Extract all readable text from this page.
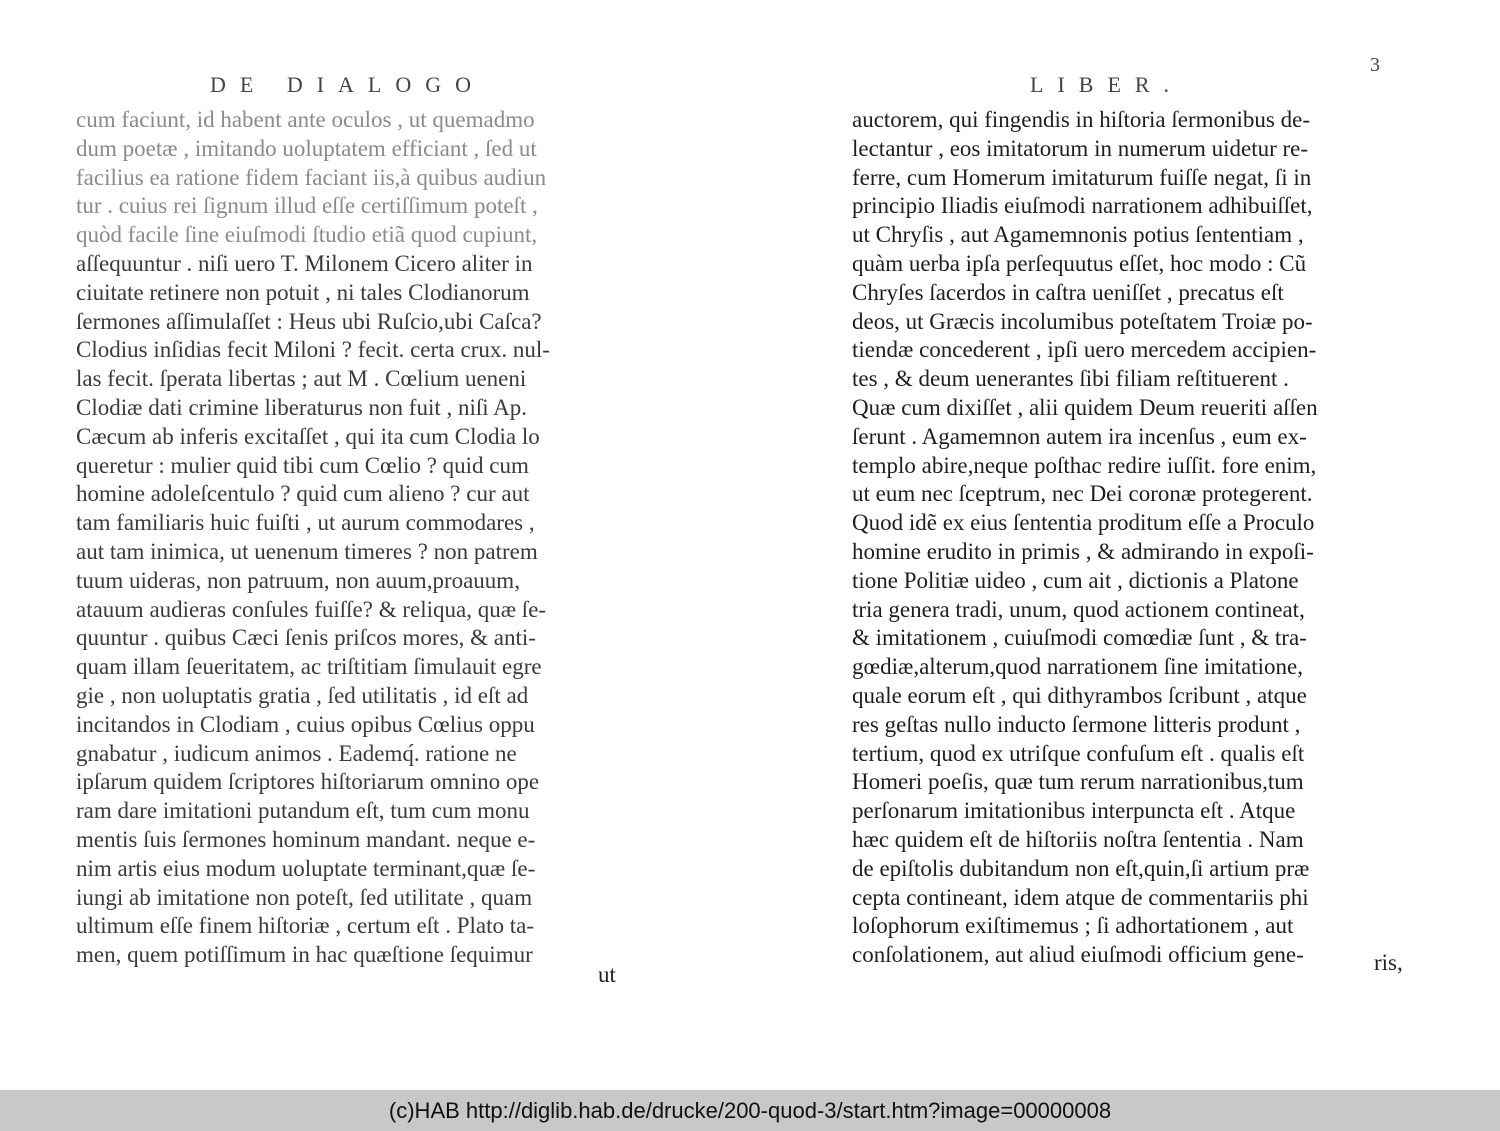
DE DIALOGO
cum faciunt, id habent ante oculos , ut quemadmo
dum poetæ , imitando uoluptatem efficiant , ſed ut
facilius ea ratione fidem faciant iis,à quibus audiun
tur . cuius rei ſignum illud eſſe certiſſimum poteſt ,
quòd facile ſine eiuſmodi ſtudio etiã quod cupiunt,
aſſequuntur . niſi uero T. Milonem Cicero aliter in
ciuitate retinere non potuit , ni tales Clodianorum
ſermones aſſimulaſſet : Heus ubi Ruſcio,ubi Caſca?
Clodius inſidias fecit Miloni ? fecit. certa crux. nul-
las fecit. ſperata libertas ; aut M . Cœlium ueneni
Clodiæ dati crimine liberaturus non fuit , niſi Ap.
Cæcum ab inferis excitaſſet , qui ita cum Clodia lo
queretur : mulier quid tibi cum Cœlio ? quid cum
homine adoleſcentulo ? quid cum alieno ? cur aut
tam familiaris huic fuiſti , ut aurum commodares ,
aut tam inimica, ut uenenum timeres ? non patrem
tuum uideras, non patruum, non auum,proauum,
atauum audieras conſules fuiſſe? & reliqua, quæ ſe-
quuntur . quibus Cæci ſenis priſcos mores, & anti-
quam illam ſeueritatem, ac triſtitiam ſimulauit egre
gie , non uoluptatis gratia , ſed utilitatis , id eſt ad
incitandos in Clodiam , cuius opibus Cœlius oppu
gnabatur , iudicum animos . Eademq́. ratione ne
ipſarum quidem ſcriptores hiſtoriarum omnino ope
ram dare imitationi putandum eſt, tum cum monu
mentis ſuis ſermones hominum mandant. neque e-
nim artis eius modum uoluptate terminant,quæ ſe-
iungi ab imitatione non poteſt, ſed utilitate , quam
ultimum eſſe finem hiſtoriæ , certum eſt . Plato ta-
men, quem potiſſimum in hac quæſtione ſequimur
ut
LIBER.
3
auctorem, qui fingendis in hiſtoria ſermonibus de-
lectantur , eos imitatorum in numerum uidetur re-
ferre, cum Homerum imitaturum fuiſſe negat, ſi in
principio Iliadis eiuſmodi narrationem adhibuiſſet,
ut Chryſis , aut Agamemnonis potius ſententiam ,
quàm uerba ipſa perſequutus eſſet, hoc modo : Cũ
Chryſes ſacerdos in caſtra ueniſſet , precatus eſt
deos, ut Græcis incolumibus poteſtatem Troiæ po-
tiendæ concederent , ipſi uero mercedem accipien-
tes , & deum uenerantes ſibi filiam reſtituerent .
Quæ cum dixiſſet , alii quidem Deum reueriti aſſen
ſerunt . Agamemnon autem ira incenſus , eum ex-
templo abire,neque poſthac redire iuſſit. fore enim,
ut eum nec ſceptrum, nec Dei coronæ protegerent.
Quod idẽ ex eius ſententia proditum eſſe a Proculo
homine erudito in primis , & admirando in expoſi-
tione Politiæ uideo , cum ait , dictionis a Platone
tria genera tradi, unum, quod actionem contineat,
& imitationem , cuiuſmodi comœdiæ ſunt , & tra-
gœdiæ,alterum,quod narrationem ſine imitatione,
quale eorum eſt , qui dithyrambos ſcribunt , atque
res geſtas nullo inducto ſermone litteris produnt ,
tertium, quod ex utriſque confuſum eſt . qualis eſt
Homeri poeſis, quæ tum rerum narrationibus,tum
perſonarum imitationibus interpuncta eſt . Atque
hæc quidem eſt de hiſtoriis noſtra ſententia . Nam
de epiſtolis dubitandum non eſt,quin,ſi artium præ
cepta contineant, idem atque de commentariis phi
loſophorum exiſtimemus ; ſi adhortationem , aut
conſolationem, aut aliud eiuſmodi officium gene-	ris,
(c)HAB http://diglib.hab.de/drucke/200-quod-3/start.htm?image=00000008
